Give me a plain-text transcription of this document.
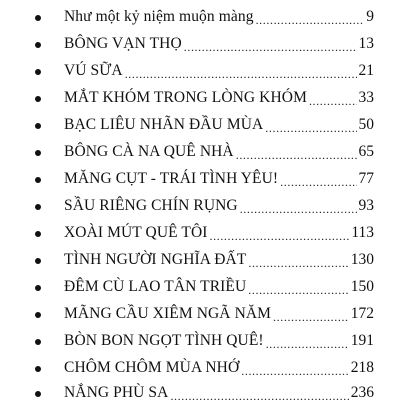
Như một kỷ niệm muộn màng .....	9
BÔNG VẠN THỌ .....	13
VÚ SỮA .....	21
MẮT KHÓM TRONG LÒNG KHÓM .....	33
BẠC LIÊU NHÃN ĐẦU MÙA .....	50
BÔNG CÀ NA QUÊ NHÀ .....	65
MĂNG CỤT - TRÁI TÌNH YÊU! .....	77
SẦU RIÊNG CHÍN RỤNG .....	93
XOÀI MÚT QUÊ TÔI .....	113
TÌNH NGƯỜI NGHĨA ĐẤT .....	130
ĐÊM CÙ LAO TÂN TRIỀU .....	150
MÃNG CẦU XIÊM NGÃ NĂM .....	172
BÒN BON NGỌT TÌNH QUÊ! .....	191
CHÔM CHÔM MÙA NHỚ .....	218
NẮNG PHÙ SA .....	236
